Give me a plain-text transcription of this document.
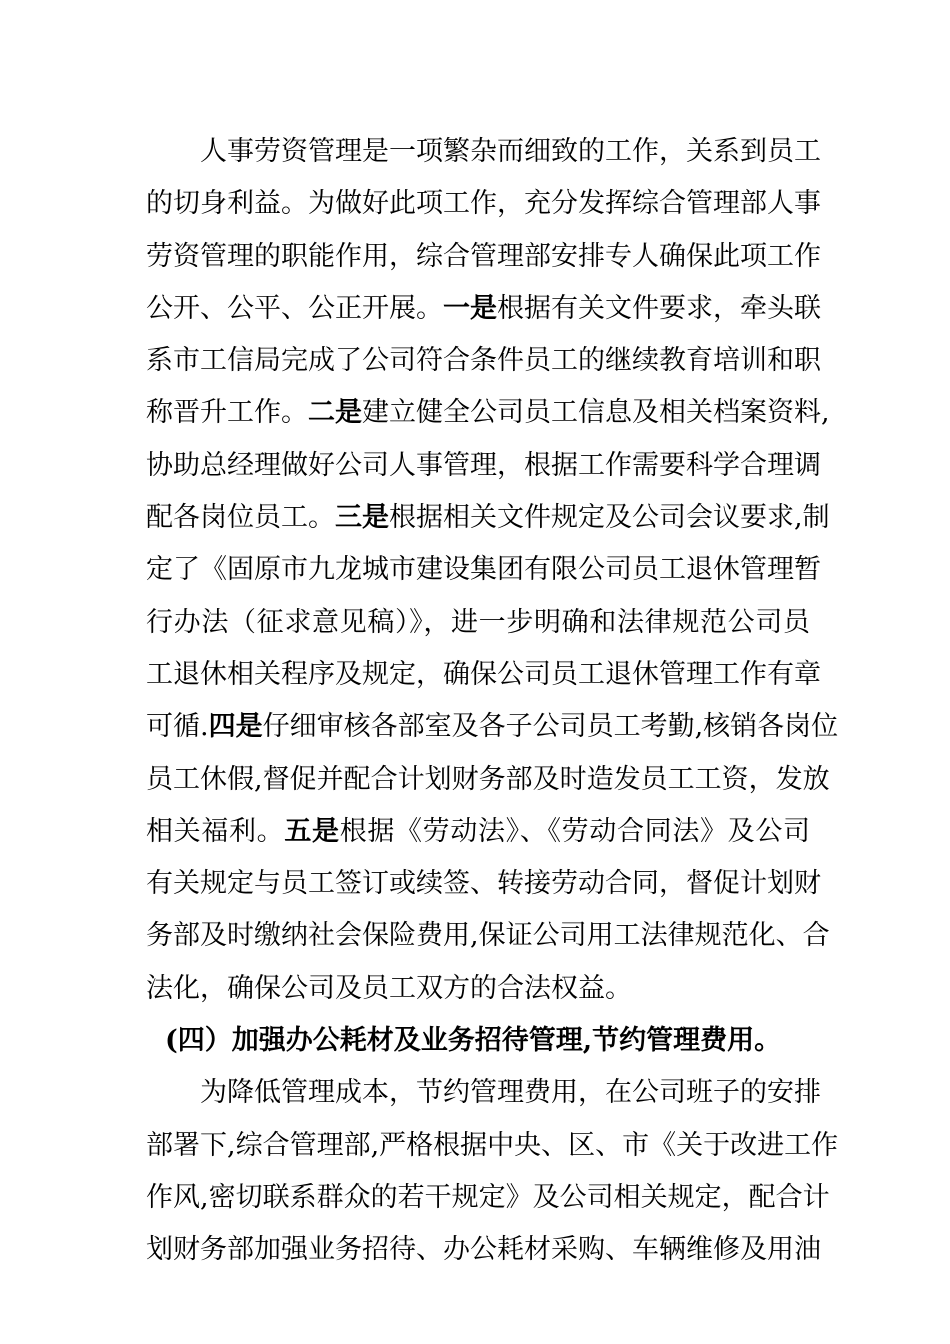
人事劳资管理是一项繁杂而细致的工作，关系到员工
的切身利益。为做好此项工作，充分发挥综合管理部人事
劳资管理的职能作用，综合管理部安排专人确保此项工作
公开、公平、公正开展。一是根据有关文件要求，牵头联
系市工信局完成了公司符合条件员工的继续教育培训和职
称晋升工作。二是建立健全公司员工信息及相关档案资料,
协助总经理做好公司人事管理，根据工作需要科学合理调
配各岗位员工。三是根据相关文件规定及公司会议要求,制
定了《固原市九龙城市建设集团有限公司员工退休管理暂
行办法（征求意见稿）》，进一步明确和法律规范公司员
工退休相关程序及规定，确保公司员工退休管理工作有章
可循.四是仔细审核各部室及各子公司员工考勤,核销各岗位
员工休假,督促并配合计划财务部及时造发员工工资，发放
相关福利。五是根据《劳动法》、《劳动合同法》及公司
有关规定与员工签订或续签、转接劳动合同，督促计划财
务部及时缴纳社会保险费用,保证公司用工法律规范化、合
法化，确保公司及员工双方的合法权益。
(四）加强办公耗材及业务招待管理,节约管理费用。
为降低管理成本，节约管理费用，在公司班子的安排
部署下,综合管理部,严格根据中央、区、市《关于改进工作
作风,密切联系群众的若干规定》及公司相关规定，配合计
划财务部加强业务招待、办公耗材采购、车辆维修及用油
